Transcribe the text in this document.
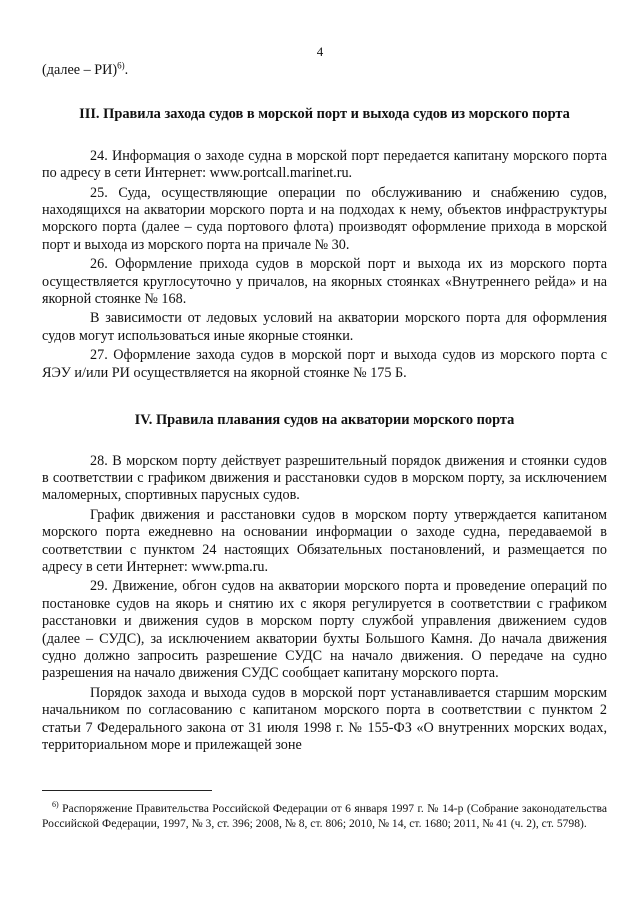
4

(далее – РИ)$^{6)}$.

III. Правила захода судов в морской порт и выхода судов из морского порта

24. Информация о заходе судна в морской порт передается капитану морского порта по адресу в сети Интернет: www.portcall.marinet.ru.

25. Суда, осуществляющие операции по обслуживанию и снабжению судов, находящихся на акватории морского порта и на подходах к нему, объектов инфраструктуры морского порта (далее – суда портового флота) производят оформление прихода в морской порт и выхода из морского порта на причале № 30.

26. Оформление прихода судов в морской порт и выхода их из морского порта осуществляется круглосуточно у причалов, на якорных стоянках «Внутреннего рейда» и на якорной стоянке № 168.

В зависимости от ледовых условий на акватории морского порта для оформления судов могут использоваться иные якорные стоянки.

27. Оформление захода судов в морской порт и выхода судов из морского порта с ЯЭУ и/или РИ осуществляется на якорной стоянке № 175 Б.

IV. Правила плавания судов на акватории морского порта

28. В морском порту действует разрешительный порядок движения и стоянки судов в соответствии с графиком движения и расстановки судов в морском порту, за исключением маломерных, спортивных парусных судов.

График движения и расстановки судов в морском порту утверждается капитаном морского порта ежедневно на основании информации о заходе судна, передаваемой в соответствии с пунктом 24 настоящих Обязательных постановлений, и размещается по адресу в сети Интернет: www.pma.ru.

29. Движение, обгон судов на акватории морского порта и проведение операций по постановке судов на якорь и снятию их с якоря регулируется в соответствии с графиком расстановки и движения судов в морском порту службой управления движением судов (далее – СУДС), за исключением акватории бухты Большого Камня. До начала движения судно должно запросить разрешение СУДС на начало движения. О передаче на судно разрешения на начало движения СУДС сообщает капитану морского порта.

Порядок захода и выхода судов в морской порт устанавливается старшим морским начальником по согласованию с капитаном морского порта в соответствии с пунктом 2 статьи 7 Федерального закона от 31 июля 1998 г. № 155-ФЗ «О внутренних морских водах, территориальном море и прилежащей зоне

$^{6)}$ Распоряжение Правительства Российской Федерации от 6 января 1997 г. № 14-р (Собрание законодательства Российской Федерации, 1997, № 3, ст. 396; 2008, № 8, ст. 806; 2010, № 14, ст. 1680; 2011, № 41 (ч. 2), ст. 5798).
